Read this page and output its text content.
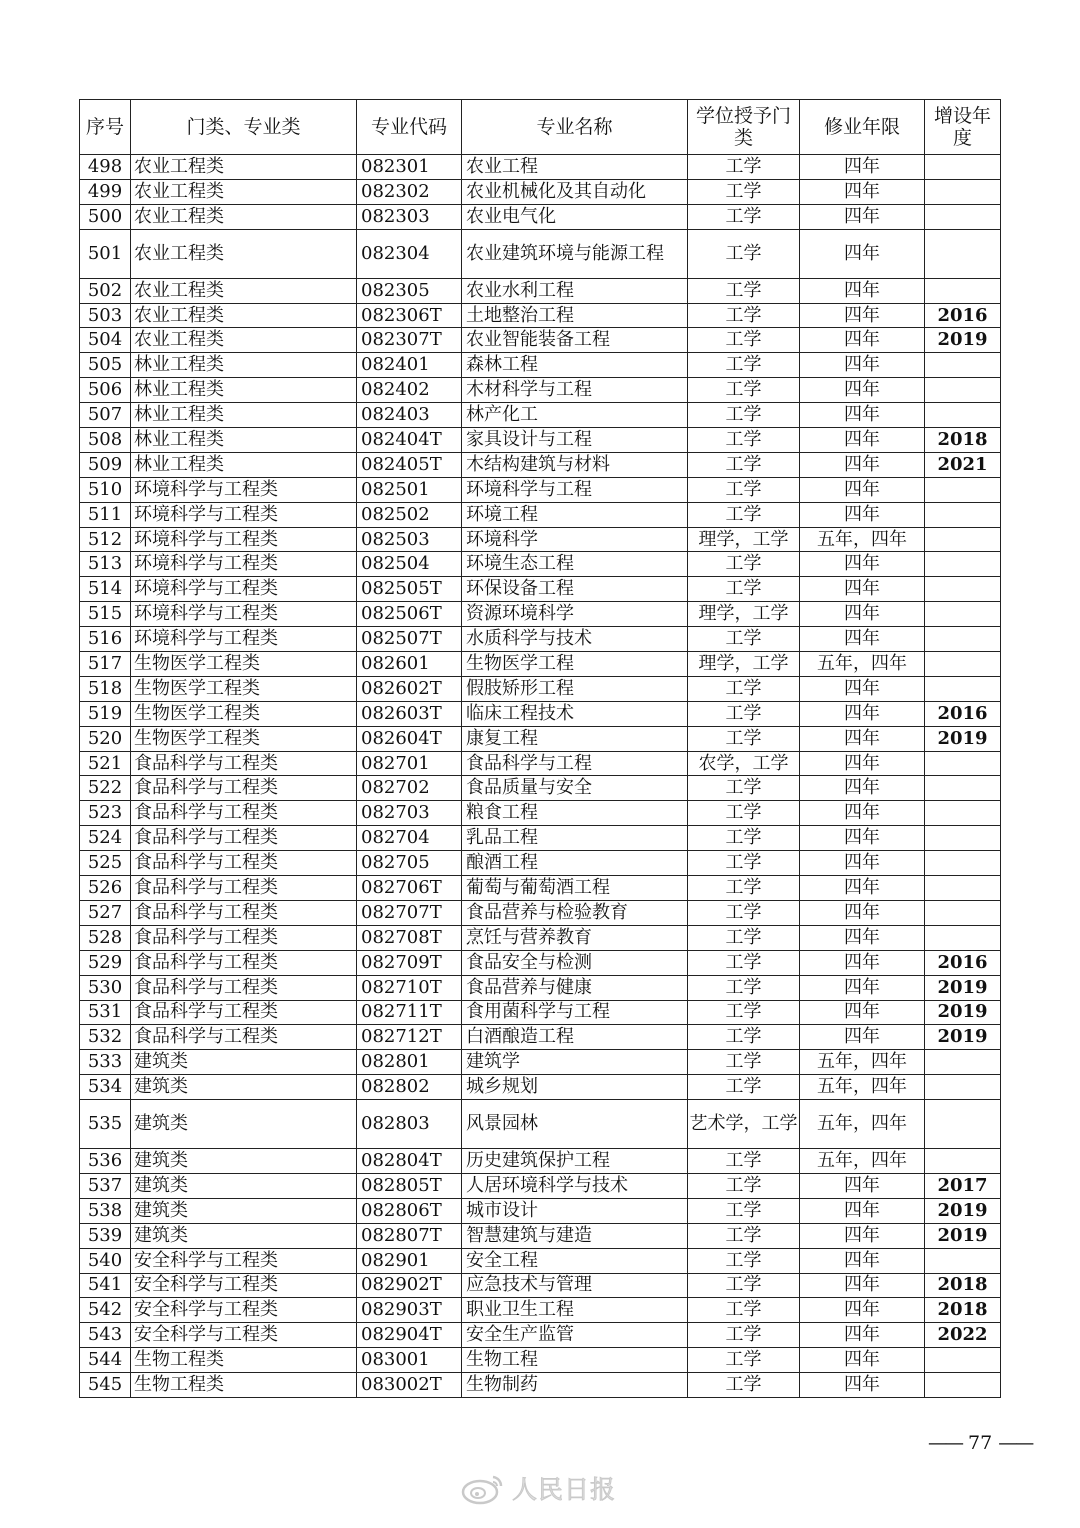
序号	门类、专业类	专业代码	专业名称	学位授予门类	修业年限	增设年度
498	农业工程类	082301	农业工程	工学	四年	
499	农业工程类	082302	农业机械化及其自动化	工学	四年	
500	农业工程类	082303	农业电气化	工学	四年	
501	农业工程类	082304	农业建筑环境与能源工程	工学	四年	
502	农业工程类	082305	农业水利工程	工学	四年	
503	农业工程类	082306T	土地整治工程	工学	四年	2016
504	农业工程类	082307T	农业智能装备工程	工学	四年	2019
505	林业工程类	082401	森林工程	工学	四年	
506	林业工程类	082402	木材科学与工程	工学	四年	
507	林业工程类	082403	林产化工	工学	四年	
508	林业工程类	082404T	家具设计与工程	工学	四年	2018
509	林业工程类	082405T	木结构建筑与材料	工学	四年	2021
510	环境科学与工程类	082501	环境科学与工程	工学	四年	
511	环境科学与工程类	082502	环境工程	工学	四年	
512	环境科学与工程类	082503	环境科学	理学，工学	五年，四年	
513	环境科学与工程类	082504	环境生态工程	工学	四年	
514	环境科学与工程类	082505T	环保设备工程	工学	四年	
515	环境科学与工程类	082506T	资源环境科学	理学，工学	四年	
516	环境科学与工程类	082507T	水质科学与技术	工学	四年	
517	生物医学工程类	082601	生物医学工程	理学，工学	五年，四年	
518	生物医学工程类	082602T	假肢矫形工程	工学	四年	
519	生物医学工程类	082603T	临床工程技术	工学	四年	2016
520	生物医学工程类	082604T	康复工程	工学	四年	2019
521	食品科学与工程类	082701	食品科学与工程	农学，工学	四年	
522	食品科学与工程类	082702	食品质量与安全	工学	四年	
523	食品科学与工程类	082703	粮食工程	工学	四年	
524	食品科学与工程类	082704	乳品工程	工学	四年	
525	食品科学与工程类	082705	酿酒工程	工学	四年	
526	食品科学与工程类	082706T	葡萄与葡萄酒工程	工学	四年	
527	食品科学与工程类	082707T	食品营养与检验教育	工学	四年	
528	食品科学与工程类	082708T	烹饪与营养教育	工学	四年	
529	食品科学与工程类	082709T	食品安全与检测	工学	四年	2016
530	食品科学与工程类	082710T	食品营养与健康	工学	四年	2019
531	食品科学与工程类	082711T	食用菌科学与工程	工学	四年	2019
532	食品科学与工程类	082712T	白酒酿造工程	工学	四年	2019
533	建筑类	082801	建筑学	工学	五年，四年	
534	建筑类	082802	城乡规划	工学	五年，四年	
535	建筑类	082803	风景园林	艺术学，工学	五年，四年	
536	建筑类	082804T	历史建筑保护工程	工学	五年，四年	
537	建筑类	082805T	人居环境科学与技术	工学	四年	2017
538	建筑类	082806T	城市设计	工学	四年	2019
539	建筑类	082807T	智慧建筑与建造	工学	四年	2019
540	安全科学与工程类	082901	安全工程	工学	四年	
541	安全科学与工程类	082902T	应急技术与管理	工学	四年	2018
542	安全科学与工程类	082903T	职业卫生工程	工学	四年	2018
543	安全科学与工程类	082904T	安全生产监管	工学	四年	2022
544	生物工程类	083001	生物工程	工学	四年	
545	生物工程类	083002T	生物制药	工学	四年	
—— 77 ——
人民日报
